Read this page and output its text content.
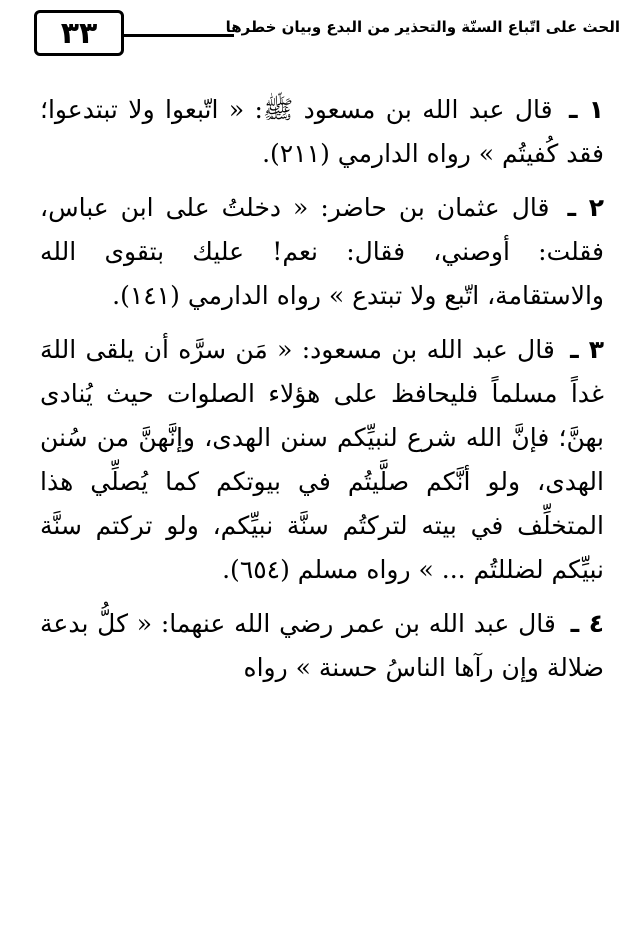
٣٣	الحث على اتّباع السنّة والتحذير من البدع وبيان خطرها

١ ـ قال عبد الله بن مسعود ﷺ: « اتّبعوا ولا تبتدعوا؛ فقد كُفيتُم » رواه الدارمي (٢١١).

٢ ـ قال عثمان بن حاضر: « دخلتُ على ابن عباس، فقلت: أوصني، فقال: نعم! عليك بتقوى الله والاستقامة، اتّبع ولا تبتدع » رواه الدارمي (١٤١).

٣ ـ قال عبد الله بن مسعود: « مَن سرَّه أن يلقى اللهَ غداً مسلماً فليحافظ على هؤلاء الصلوات حيث يُنادى بهنَّ؛ فإنَّ الله شرع لنبيِّكم سنن الهدى، وإنَّهنَّ من سُنن الهدى، ولو أنَّكم صلَّيتُم في بيوتكم كما يُصلِّي هذا المتخلِّف في بيته لتركتُم سنَّة نبيِّكم، ولو تركتم سنَّة نبيِّكم لضللتُم ... » رواه مسلم (٦٥٤).

٤ ـ قال عبد الله بن عمر رضي الله عنهما: « كلُّ بدعة ضلالة وإن رآها الناسُ حسنة » رواه
